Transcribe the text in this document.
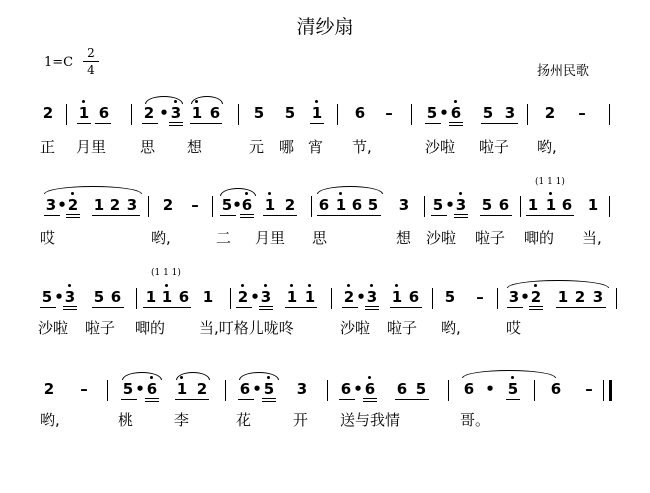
清纱扇
1=C
2
4	扬州民歌
2 1 6 2 • 3 1 6 5 5 1 6 – 5 • 6 5 3 2 –
3 • 2 1 2 3 2 – 5 • 6 1 2 6 1 6 5 3 5 • 3 5 6
(1 1 1)
1 1 6 1
5 • 3 5 6
(1 1 1)
1 1 6 1 2 • 3 1 1 2 • 3 1 6 5 – 3 • 2 1 2 3
2 – 5 • 6 1 2 6 • 5 3 6 • 6 6 5	6 • 5 6 –
正 月里 思 想	元 哪 宵 节,	沙啦 啦子 哟,
哎	哟,	二 月里 思	想 沙啦 啦子 唧的 当,
沙啦 啦子 唧的 当,叮格儿咙咚	沙啦 啦子 哟,	哎
哟,	桃	李	花	开 送与我情	哥。
